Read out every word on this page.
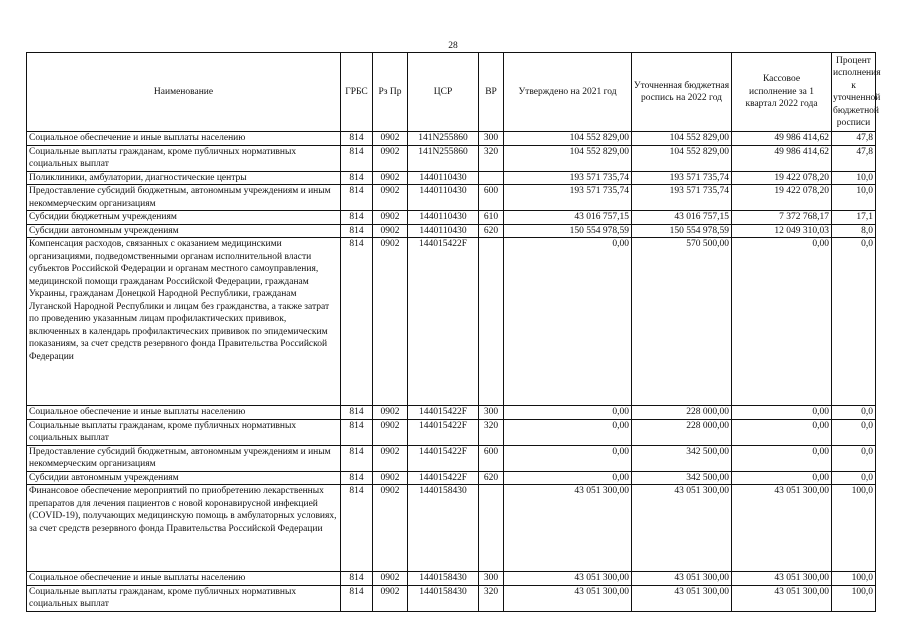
28
Наименование	ГРБС	Рз Пр	ЦСР	ВР	Утверждено на 2021 год	Уточненная бюджетная роспись на 2022 год	Кассовое исполнение за 1 квартал 2022 года	Процент исполнения к уточненной бюджетной росписи
Социальное обеспечение и иные выплаты населению	814	0902	141N255860	300	104 552 829,00	104 552 829,00	49 986 414,62	47,8
Социальные выплаты гражданам, кроме публичных нормативных социальных выплат	814	0902	141N255860	320	104 552 829,00	104 552 829,00	49 986 414,62	47,8
Поликлиники, амбулатории, диагностические центры	814	0902	1440110430		193 571 735,74	193 571 735,74	19 422 078,20	10,0
Предоставление субсидий бюджетным, автономным учреждениям и иным некоммерческим организациям	814	0902	1440110430	600	193 571 735,74	193 571 735,74	19 422 078,20	10,0
Субсидии бюджетным учреждениям	814	0902	1440110430	610	43 016 757,15	43 016 757,15	7 372 768,17	17,1
Субсидии автономным учреждениям	814	0902	1440110430	620	150 554 978,59	150 554 978,59	12 049 310,03	8,0
Компенсация расходов, связанных с оказанием медицинскими организациями, подведомственными органам исполнительной власти субъектов Российской Федерации и органам местного самоуправления, медицинской помощи гражданам Российской Федерации, гражданам Украины, гражданам Донецкой Народной Республики, гражданам Луганской Народной Республики и лицам без гражданства, а также затрат по проведению указанным лицам профилактических прививок, включенных в календарь профилактических прививок по эпидемическим показаниям, за счет средств резервного фонда Правительства Российской Федерации	814	0902	144015422F		0,00	570 500,00	0,00	0,0
Социальное обеспечение и иные выплаты населению	814	0902	144015422F	300	0,00	228 000,00	0,00	0,0
Социальные выплаты гражданам, кроме публичных нормативных социальных выплат	814	0902	144015422F	320	0,00	228 000,00	0,00	0,0
Предоставление субсидий бюджетным, автономным учреждениям и иным некоммерческим организациям	814	0902	144015422F	600	0,00	342 500,00	0,00	0,0
Субсидии автономным учреждениям	814	0902	144015422F	620	0,00	342 500,00	0,00	0,0
Финансовое обеспечение мероприятий по приобретению лекарственных препаратов для лечения пациентов с новой коронавирусной инфекцией (COVID-19), получающих медицинскую помощь в амбулаторных условиях, за счет средств резервного фонда Правительства Российской Федерации	814	0902	1440158430		43 051 300,00	43 051 300,00	43 051 300,00	100,0
Социальное обеспечение и иные выплаты населению	814	0902	1440158430	300	43 051 300,00	43 051 300,00	43 051 300,00	100,0
Социальные выплаты гражданам, кроме публичных нормативных социальных выплат	814	0902	1440158430	320	43 051 300,00	43 051 300,00	43 051 300,00	100,0
